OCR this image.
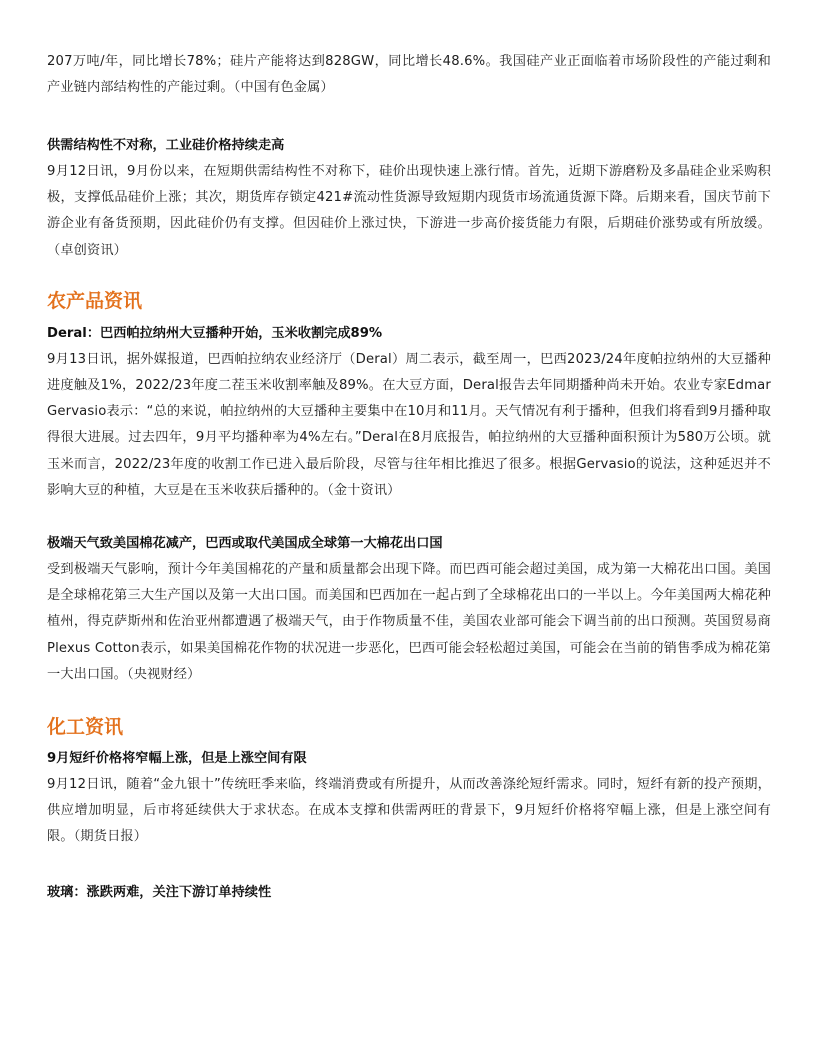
207万吨/年，同比增长78%；硅片产能将达到828GW，同比增长48.6%。我国硅产业正面临着市场阶段性的产能过剩和产业链内部结构性的产能过剩。（中国有色金属）

供需结构性不对称，工业硅价格持续走高

9月12日讯，9月份以来，在短期供需结构性不对称下，硅价出现快速上涨行情。首先，近期下游磨粉及多晶硅企业采购积极，支撑低品硅价上涨；其次，期货库存锁定421#流动性货源导致短期内现货市场流通货源下降。后期来看，国庆节前下游企业有备货预期，因此硅价仍有支撑。但因硅价上涨过快，下游进一步高价接货能力有限，后期硅价涨势或有所放缓。（卓创资讯）

农产品资讯

Deral：巴西帕拉纳州大豆播种开始，玉米收割完成89%

9月13日讯，据外媒报道，巴西帕拉纳农业经济厅（Deral）周二表示，截至周一，巴西2023/24年度帕拉纳州的大豆播种进度触及1%，2022/23年度二茬玉米收割率触及89%。在大豆方面，Deral报告去年同期播种尚未开始。农业专家Edmar Gervasio表示：“总的来说，帕拉纳州的大豆播种主要集中在10月和11月。天气情况有利于播种，但我们将看到9月播种取得很大进展。过去四年，9月平均播种率为4%左右。”Deral在8月底报告，帕拉纳州的大豆播种面积预计为580万公顷。就玉米而言，2022/23年度的收割工作已进入最后阶段，尽管与往年相比推迟了很多。根据Gervasio的说法，这种延迟并不影响大豆的种植，大豆是在玉米收获后播种的。（金十资讯）

极端天气致美国棉花减产，巴西或取代美国成全球第一大棉花出口国

受到极端天气影响，预计今年美国棉花的产量和质量都会出现下降。而巴西可能会超过美国，成为第一大棉花出口国。美国是全球棉花第三大生产国以及第一大出口国。而美国和巴西加在一起占到了全球棉花出口的一半以上。今年美国两大棉花种植州，得克萨斯州和佐治亚州都遭遇了极端天气，由于作物质量不佳，美国农业部可能会下调当前的出口预测。英国贸易商Plexus Cotton表示，如果美国棉花作物的状况进一步恶化，巴西可能会轻松超过美国，可能会在当前的销售季成为棉花第一大出口国。（央视财经）

化工资讯

9月短纤价格将窄幅上涨，但是上涨空间有限

9月12日讯，随着“金九银十”传统旺季来临，终端消费或有所提升，从而改善涤纶短纤需求。同时，短纤有新的投产预期，供应增加明显，后市将延续供大于求状态。在成本支撑和供需两旺的背景下，9月短纤价格将窄幅上涨，但是上涨空间有限。（期货日报）

玻璃：涨跌两难，关注下游订单持续性
